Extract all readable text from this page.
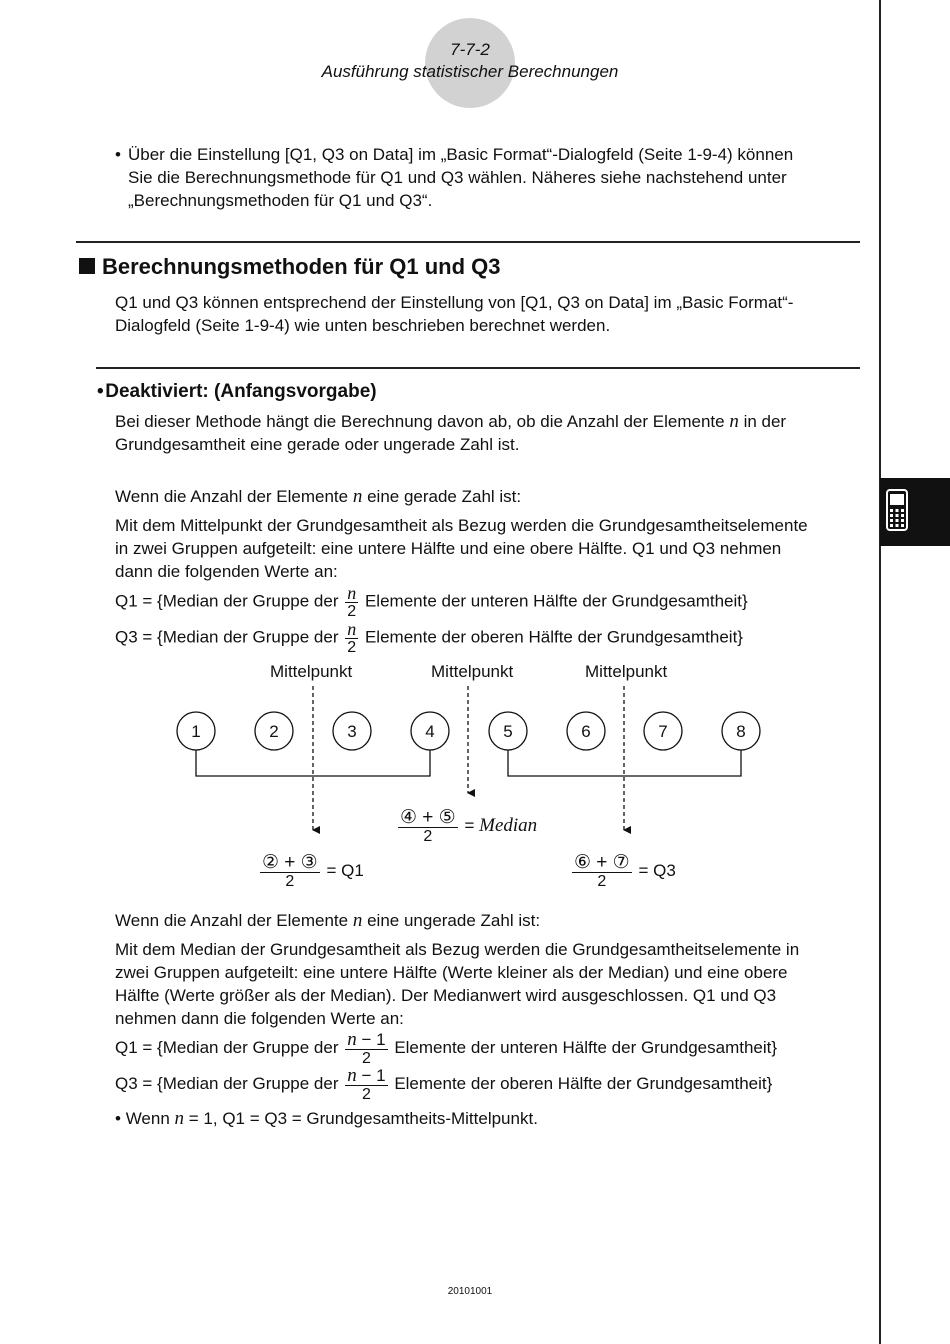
7-7-2
Ausführung statistischer Berechnungen
• Über die Einstellung [Q1, Q3 on Data] im „Basic Format“-Dialogfeld (Seite 1-9-4) können
Sie die Berechnungsmethode für Q1 und Q3 wählen. Näheres siehe nachstehend unter
„Berechnungsmethoden für Q1 und Q3“.
Berechnungsmethoden für Q1 und Q3
Q1 und Q3 können entsprechend der Einstellung von [Q1, Q3 on Data] im „Basic Format“-
Dialogfeld (Seite 1-9-4) wie unten beschrieben berechnet werden.
• Deaktiviert: (Anfangsvorgabe)
Bei dieser Methode hängt die Berechnung davon ab, ob die Anzahl der Elemente n in der
Grundgesamtheit eine gerade oder ungerade Zahl ist.
Wenn die Anzahl der Elemente n eine gerade Zahl ist:
Mit dem Mittelpunkt der Grundgesamtheit als Bezug werden die Grundgesamtheitselemente
in zwei Gruppen aufgeteilt: eine untere Hälfte und eine obere Hälfte. Q1 und Q3 nehmen
dann die folgenden Werte an:
Q1 = {Median der Gruppe der $\frac{n}{2}$ Elemente der unteren Hälfte der Grundgesamtheit}
Q3 = {Median der Gruppe der $\frac{n}{2}$ Elemente der oberen Hälfte der Grundgesamtheit}
Mittelpunkt	Mittelpunkt	Mittelpunkt
1	2	3	4	5	6	7	8
$\frac{\text{④ + ⑤}}{2}$ = Median
$\frac{\text{② + ③}}{2} = Q1$	$\frac{\text{⑥ + ⑦}}{2} = Q3$
Wenn die Anzahl der Elemente n eine ungerade Zahl ist:
Mit dem Median der Grundgesamtheit als Bezug werden die Grundgesamtheitselemente in
zwei Gruppen aufgeteilt: eine untere Hälfte (Werte kleiner als der Median) und eine obere
Hälfte (Werte größer als der Median). Der Medianwert wird ausgeschlossen. Q1 und Q3
nehmen dann die folgenden Werte an:
Q1 = {Median der Gruppe der $\frac{n - 1}{2}$ Elemente der unteren Hälfte der Grundgesamtheit}
Q3 = {Median der Gruppe der $\frac{n - 1}{2}$ Elemente der oberen Hälfte der Grundgesamtheit}
• Wenn n = 1, Q1 = Q3 = Grundgesamtheits-Mittelpunkt.
20101001
